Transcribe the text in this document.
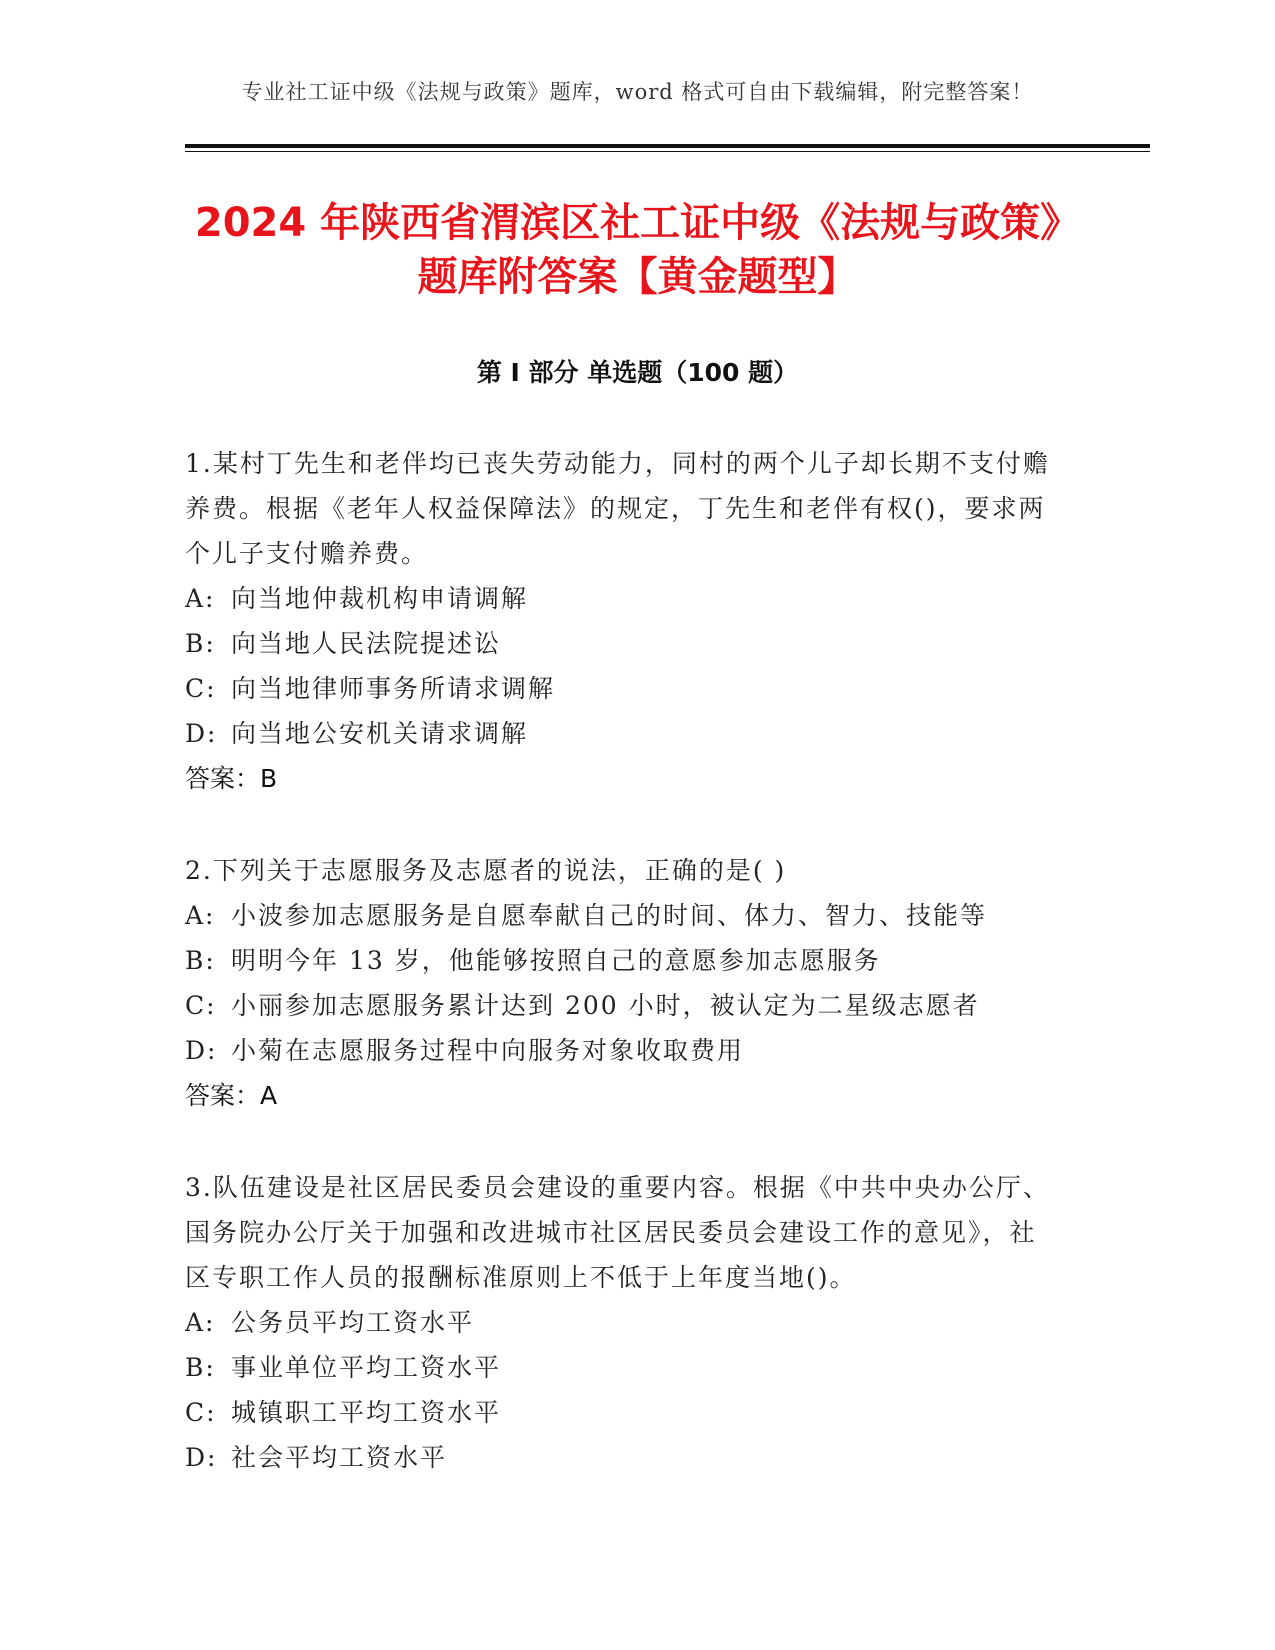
专业社工证中级《法规与政策》题库，word 格式可自由下载编辑，附完整答案！
2024 年陕西省渭滨区社工证中级《法规与政策》题库附答案【黄金题型】
第 I 部分 单选题（100 题）

1.某村丁先生和老伴均已丧失劳动能力，同村的两个儿子却长期不支付赡养费。根据《老年人权益保障法》的规定，丁先生和老伴有权()，要求两个儿子支付赡养费。

A: 向当地仲裁机构申请调解

B: 向当地人民法院提述讼

C: 向当地律师事务所请求调解

D: 向当地公安机关请求调解

答案：B

2.下列关于志愿服务及志愿者的说法，正确的是( )

A: 小波参加志愿服务是自愿奉献自己的时间、体力、智力、技能等

B: 明明今年 13 岁，他能够按照自己的意愿参加志愿服务

C: 小丽参加志愿服务累计达到 200 小时，被认定为二星级志愿者

D: 小菊在志愿服务过程中向服务对象收取费用

答案：A

3.队伍建设是社区居民委员会建设的重要内容。根据《中共中央办公厅、国务院办公厅关于加强和改进城市社区居民委员会建设工作的意见》，社区专职工作人员的报酬标准原则上不低于上年度当地()。

A: 公务员平均工资水平

B: 事业单位平均工资水平

C: 城镇职工平均工资水平

D: 社会平均工资水平
